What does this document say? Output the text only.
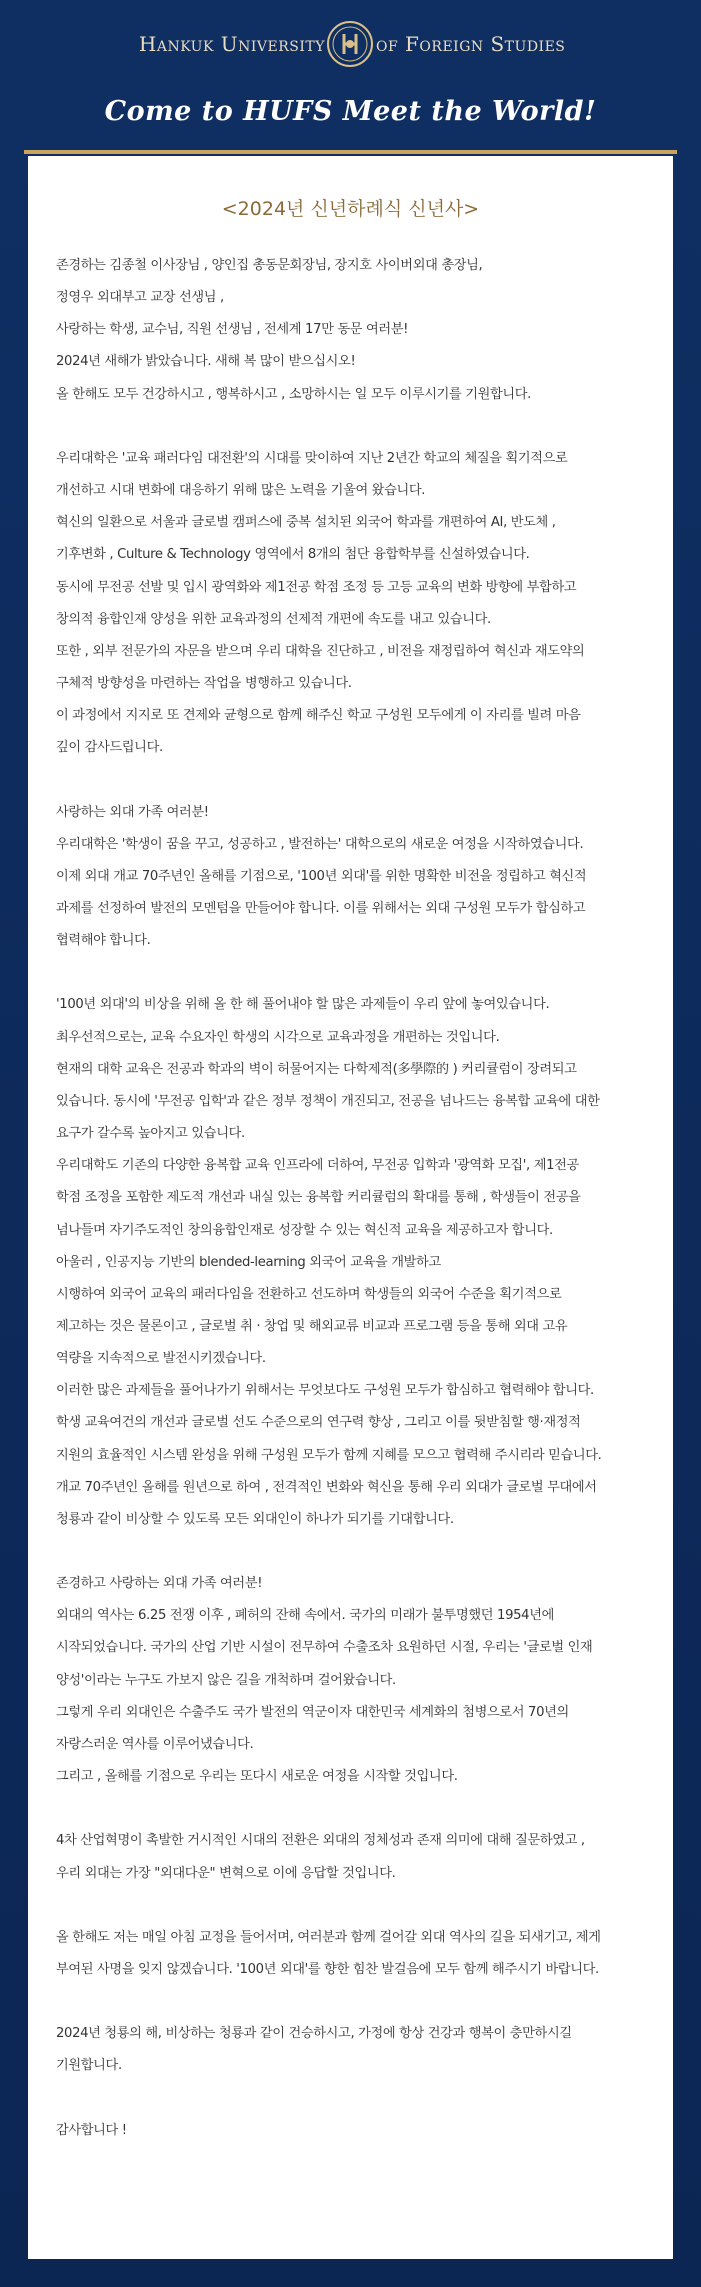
Hankuk University	of Foreign Studies
Come to HUFS Meet the World!
<2024년 신년하례식 신년사>
존경하는 김종철 이사장님 , 양인집 총동문회장님, 장지호 사이버외대 총장님,
정영우 외대부고 교장 선생님 ,
사랑하는 학생, 교수님, 직원 선생님 , 전세계 17만 동문 여러분!
2024년 새해가 밝았습니다. 새해 복 많이 받으십시오!
올 한해도 모두 건강하시고 , 행복하시고 , 소망하시는 일 모두 이루시기를 기원합니다.
우리대학은 '교육 패러다임 대전환'의 시대를 맞이하여 지난 2년간 학교의 체질을 획기적으로
개선하고 시대 변화에 대응하기 위해 많은 노력을 기울여 왔습니다.
혁신의 일환으로 서울과 글로벌 캠퍼스에 중복 설치된 외국어 학과를 개편하여 AI, 반도체 ,
기후변화 , Culture & Technology 영역에서 8개의 첨단 융합학부를 신설하였습니다.
동시에 무전공 선발 및 입시 광역화와 제1전공 학점 조정 등 고등 교육의 변화 방향에 부합하고
창의적 융합인재 양성을 위한 교육과정의 선제적 개편에 속도를 내고 있습니다.
또한 , 외부 전문가의 자문을 받으며 우리 대학을 진단하고 , 비전을 재정립하여 혁신과 재도약의
구체적 방향성을 마련하는 작업을 병행하고 있습니다.
이 과정에서 지지로 또 견제와 균형으로 함께 해주신 학교 구성원 모두에게 이 자리를 빌려 마음
깊이 감사드립니다.
사랑하는 외대 가족 여러분!
우리대학은 '학생이 꿈을 꾸고, 성공하고 , 발전하는' 대학으로의 새로운 여정을 시작하였습니다.
이제 외대 개교 70주년인 올해를 기점으로, '100년 외대'를 위한 명확한 비전을 정립하고 혁신적
과제를 선정하여 발전의 모멘텀을 만들어야 합니다. 이를 위해서는 외대 구성원 모두가 합심하고
협력해야 합니다.
'100년 외대'의 비상을 위해 올 한 해 풀어내야 할 많은 과제들이 우리 앞에 놓여있습니다.
최우선적으로는, 교육 수요자인 학생의 시각으로 교육과정을 개편하는 것입니다.
현재의 대학 교육은 전공과 학과의 벽이 허물어지는 다학제적(多學際的 ) 커리큘럼이 장려되고
있습니다. 동시에 '무전공 입학'과 같은 정부 정책이 개진되고, 전공을 넘나드는 융복합 교육에 대한
요구가 갈수록 높아지고 있습니다.
우리대학도 기존의 다양한 융복합 교육 인프라에 더하여, 무전공 입학과 '광역화 모집', 제1전공
학점 조정을 포함한 제도적 개선과 내실 있는 융복합 커리큘럼의 확대를 통해 , 학생들이 전공을
넘나들며 자기주도적인 창의융합인재로 성장할 수 있는 혁신적 교육을 제공하고자 합니다.
아울러 , 인공지능 기반의 blended-learning 외국어 교육을 개발하고
시행하여 외국어 교육의 패러다임을 전환하고 선도하며 학생들의 외국어 수준을 획기적으로
제고하는 것은 물론이고 , 글로벌 취 · 창업 및 해외교류 비교과 프로그램 등을 통해 외대 고유
역량을 지속적으로 발전시키겠습니다.
이러한 많은 과제들을 풀어나가기 위해서는 무엇보다도 구성원 모두가 합심하고 협력해야 합니다.
학생 교육여건의 개선과 글로벌 선도 수준으로의 연구력 향상 , 그리고 이를 뒷받침할 행·재정적
지원의 효율적인 시스템 완성을 위해 구성원 모두가 함께 지혜를 모으고 협력해 주시리라 믿습니다.
개교 70주년인 올해를 원년으로 하여 , 전격적인 변화와 혁신을 통해 우리 외대가 글로벌 무대에서
청룡과 같이 비상할 수 있도록 모든 외대인이 하나가 되기를 기대합니다.
존경하고 사랑하는 외대 가족 여러분!
외대의 역사는 6.25 전쟁 이후 , 폐허의 잔해 속에서. 국가의 미래가 불투명했던 1954년에
시작되었습니다. 국가의 산업 기반 시설이 전무하여 수출조차 요원하던 시절, 우리는 '글로벌 인재
양성'이라는 누구도 가보지 않은 길을 개척하며 걸어왔습니다.
그렇게 우리 외대인은 수출주도 국가 발전의 역군이자 대한민국 세계화의 첨병으로서 70년의
자랑스러운 역사를 이루어냈습니다.
그리고 , 올해를 기점으로 우리는 또다시 새로운 여정을 시작할 것입니다.
4차 산업혁명이 촉발한 거시적인 시대의 전환은 외대의 정체성과 존재 의미에 대해 질문하였고 ,
우리 외대는 가장 "외대다운" 변혁으로 이에 응답할 것입니다.
올 한해도 저는 매일 아침 교정을 들어서며, 여러분과 함께 걸어갈 외대 역사의 길을 되새기고, 제게
부여된 사명을 잊지 않겠습니다. '100년 외대'를 향한 힘찬 발걸음에 모두 함께 해주시기 바랍니다.
2024년 청룡의 해, 비상하는 청룡과 같이 건승하시고, 가정에 항상 건강과 행복이 충만하시길
기원합니다.
감사합니다 !
